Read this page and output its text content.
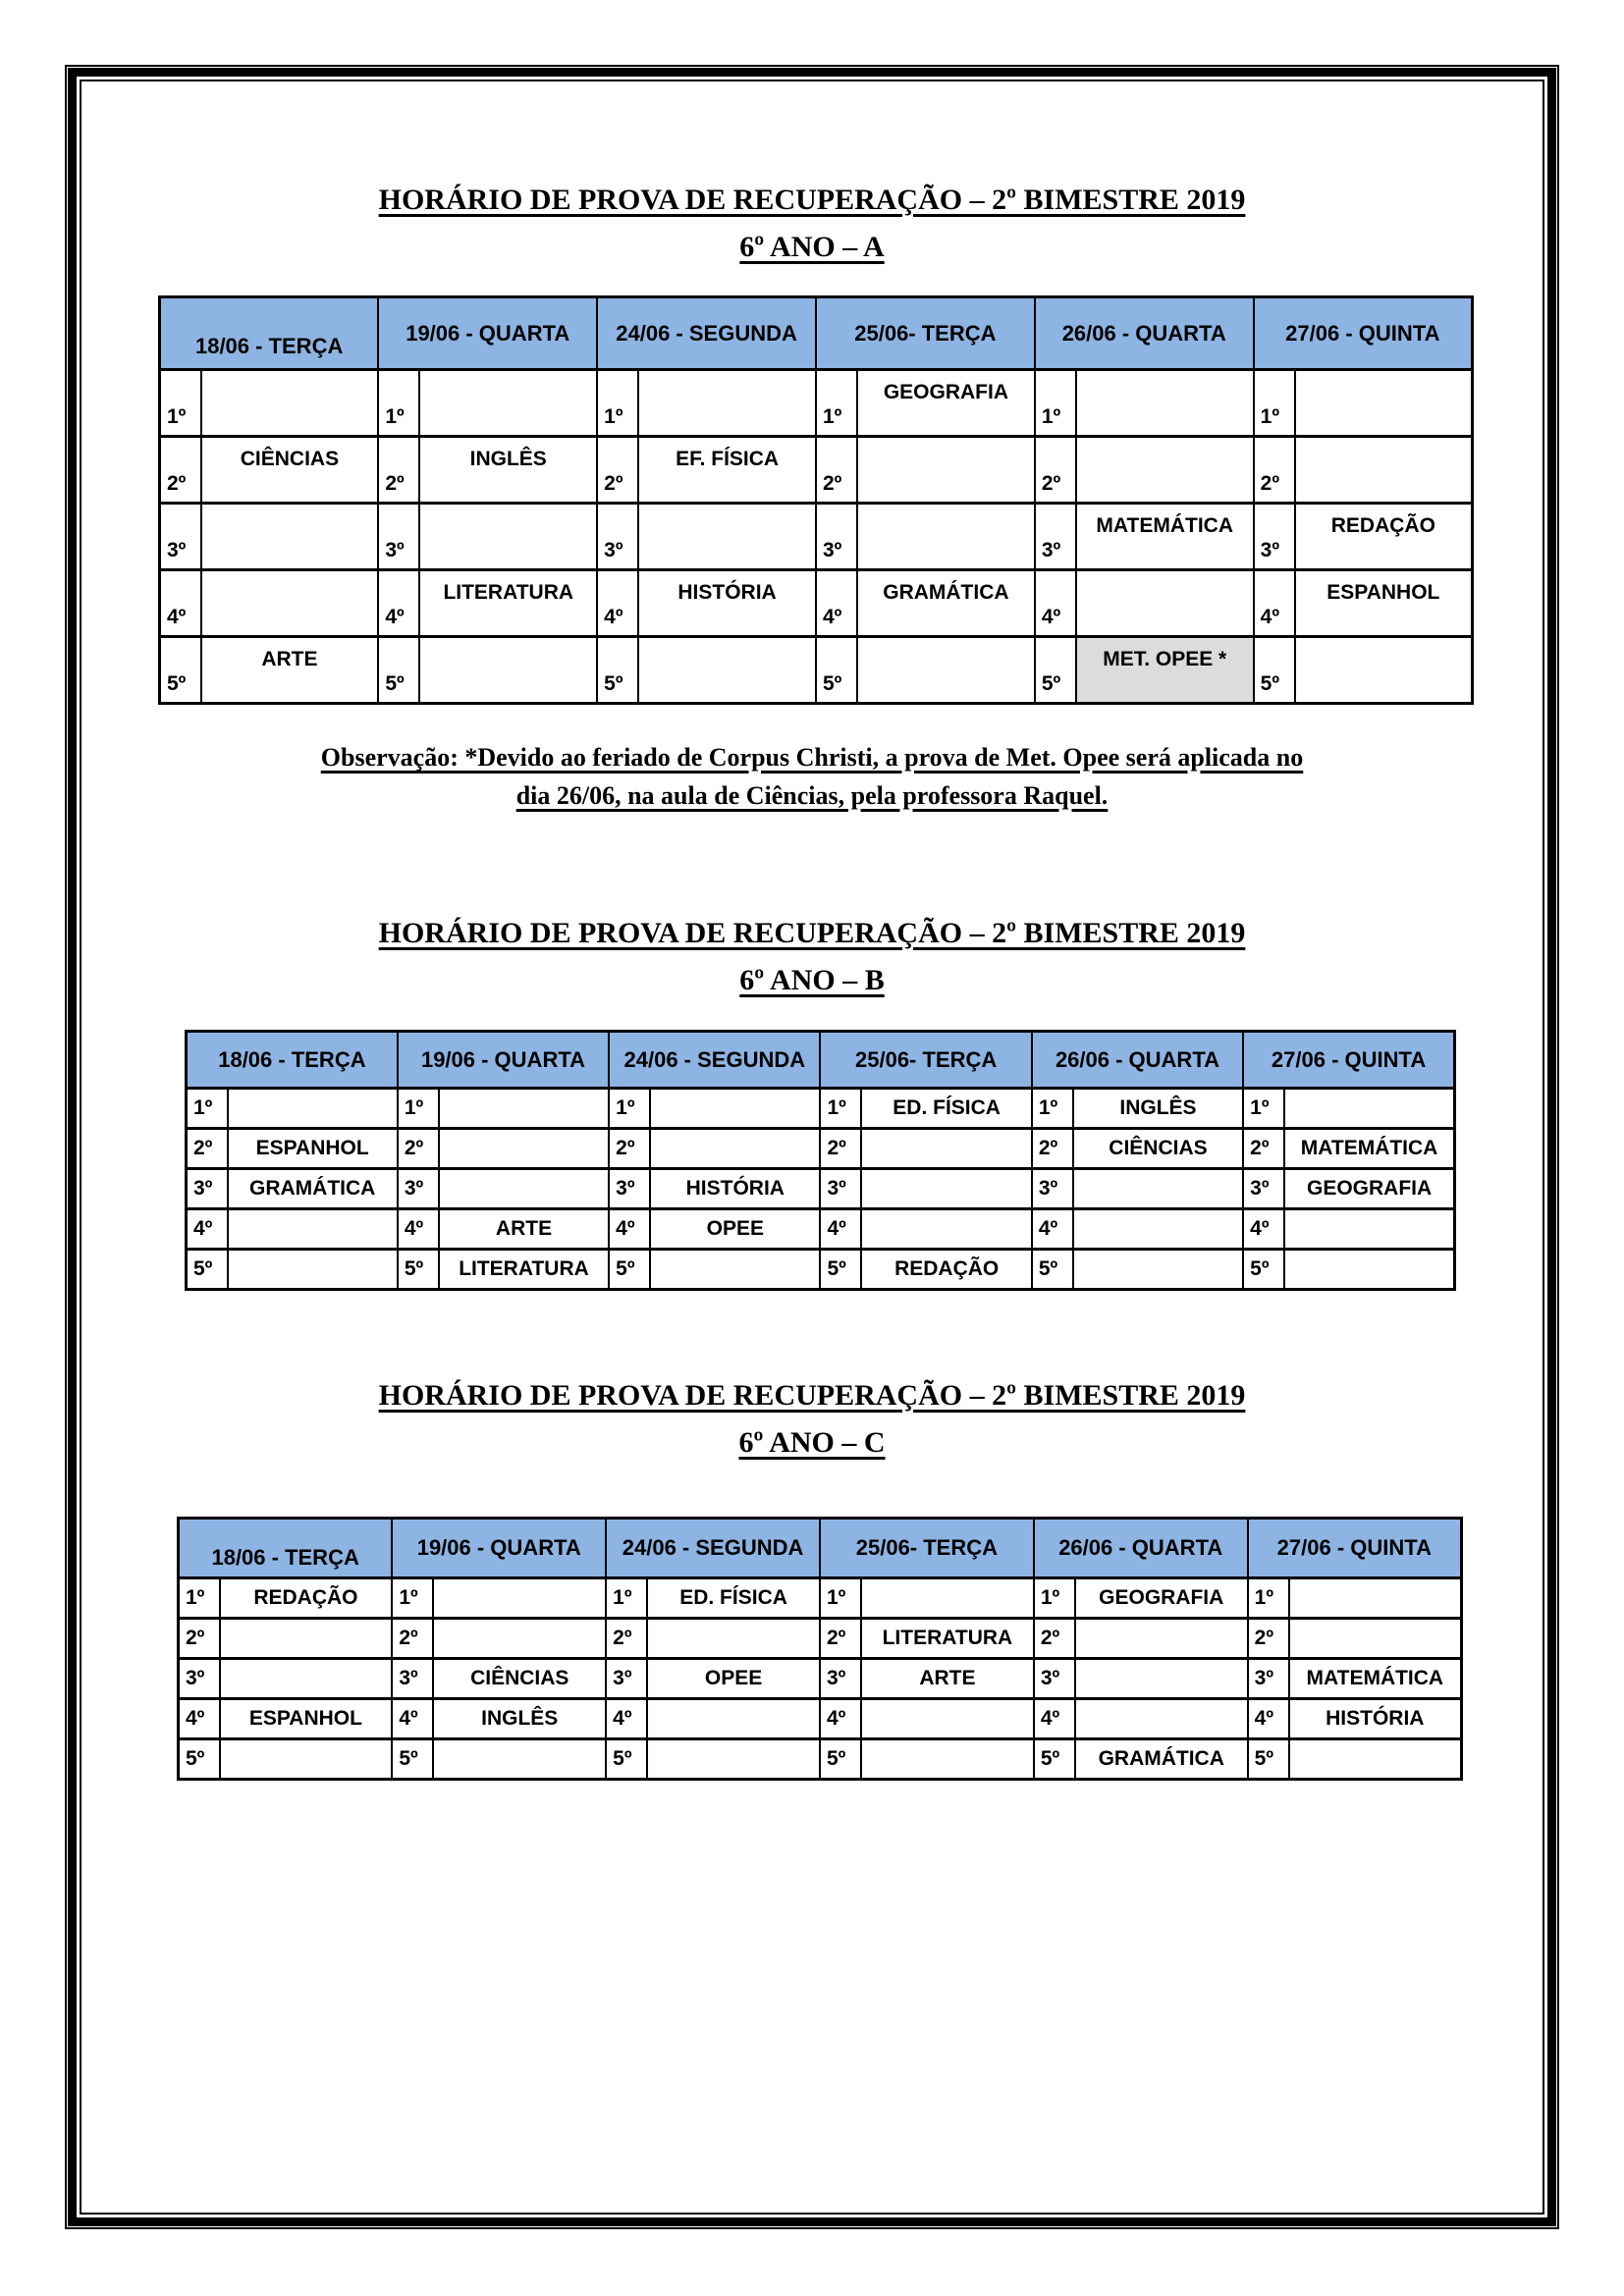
HORÁRIO DE PROVA DE RECUPERAÇÃO – 2º BIMESTRE 2019
6º ANO – A
18/06 - TERÇA		19/06 - QUARTA		24/06 - SEGUNDA		25/06- TERÇA		26/06 - QUARTA		27/06 - QUINTA	
1º		1º		1º		1º	GEOGRAFIA	1º		1º	
2º	CIÊNCIAS	2º	INGLÊS	2º	EF. FÍSICA	2º		2º		2º	
3º		3º		3º		3º		3º	MATEMÁTICA	3º	REDAÇÃO
4º		4º	LITERATURA	4º	HISTÓRIA	4º	GRAMÁTICA	4º		4º	ESPANHOL
5º	ARTE	5º		5º		5º		5º	MET. OPEE *	5º	
Observação: *Devido ao feriado de Corpus Christi, a prova de Met. Opee será aplicada no
dia 26/06, na aula de Ciências, pela professora Raquel.
HORÁRIO DE PROVA DE RECUPERAÇÃO – 2º BIMESTRE 2019
6º ANO – B
18/06 - TERÇA		19/06 - QUARTA		24/06 - SEGUNDA		25/06- TERÇA		26/06 - QUARTA		27/06 - QUINTA	
1º		1º		1º		1º	ED. FÍSICA	1º	INGLÊS	1º	
2º	ESPANHOL	2º		2º		2º		2º	CIÊNCIAS	2º	MATEMÁTICA
3º	GRAMÁTICA	3º		3º	HISTÓRIA	3º		3º		3º	GEOGRAFIA
4º		4º	ARTE	4º	OPEE	4º		4º		4º	
5º		5º	LITERATURA	5º		5º	REDAÇÃO	5º		5º	
HORÁRIO DE PROVA DE RECUPERAÇÃO – 2º BIMESTRE 2019
6º ANO – C
18/06 - TERÇA		19/06 - QUARTA		24/06 - SEGUNDA		25/06- TERÇA		26/06 - QUARTA		27/06 - QUINTA	
1º	REDAÇÃO	1º		1º	ED. FÍSICA	1º		1º	GEOGRAFIA	1º	
2º		2º		2º		2º	LITERATURA	2º		2º	
3º		3º	CIÊNCIAS	3º	OPEE	3º	ARTE	3º		3º	MATEMÁTICA
4º	ESPANHOL	4º	INGLÊS	4º		4º		4º		4º	HISTÓRIA
5º		5º		5º		5º		5º	GRAMÁTICA	5º	
